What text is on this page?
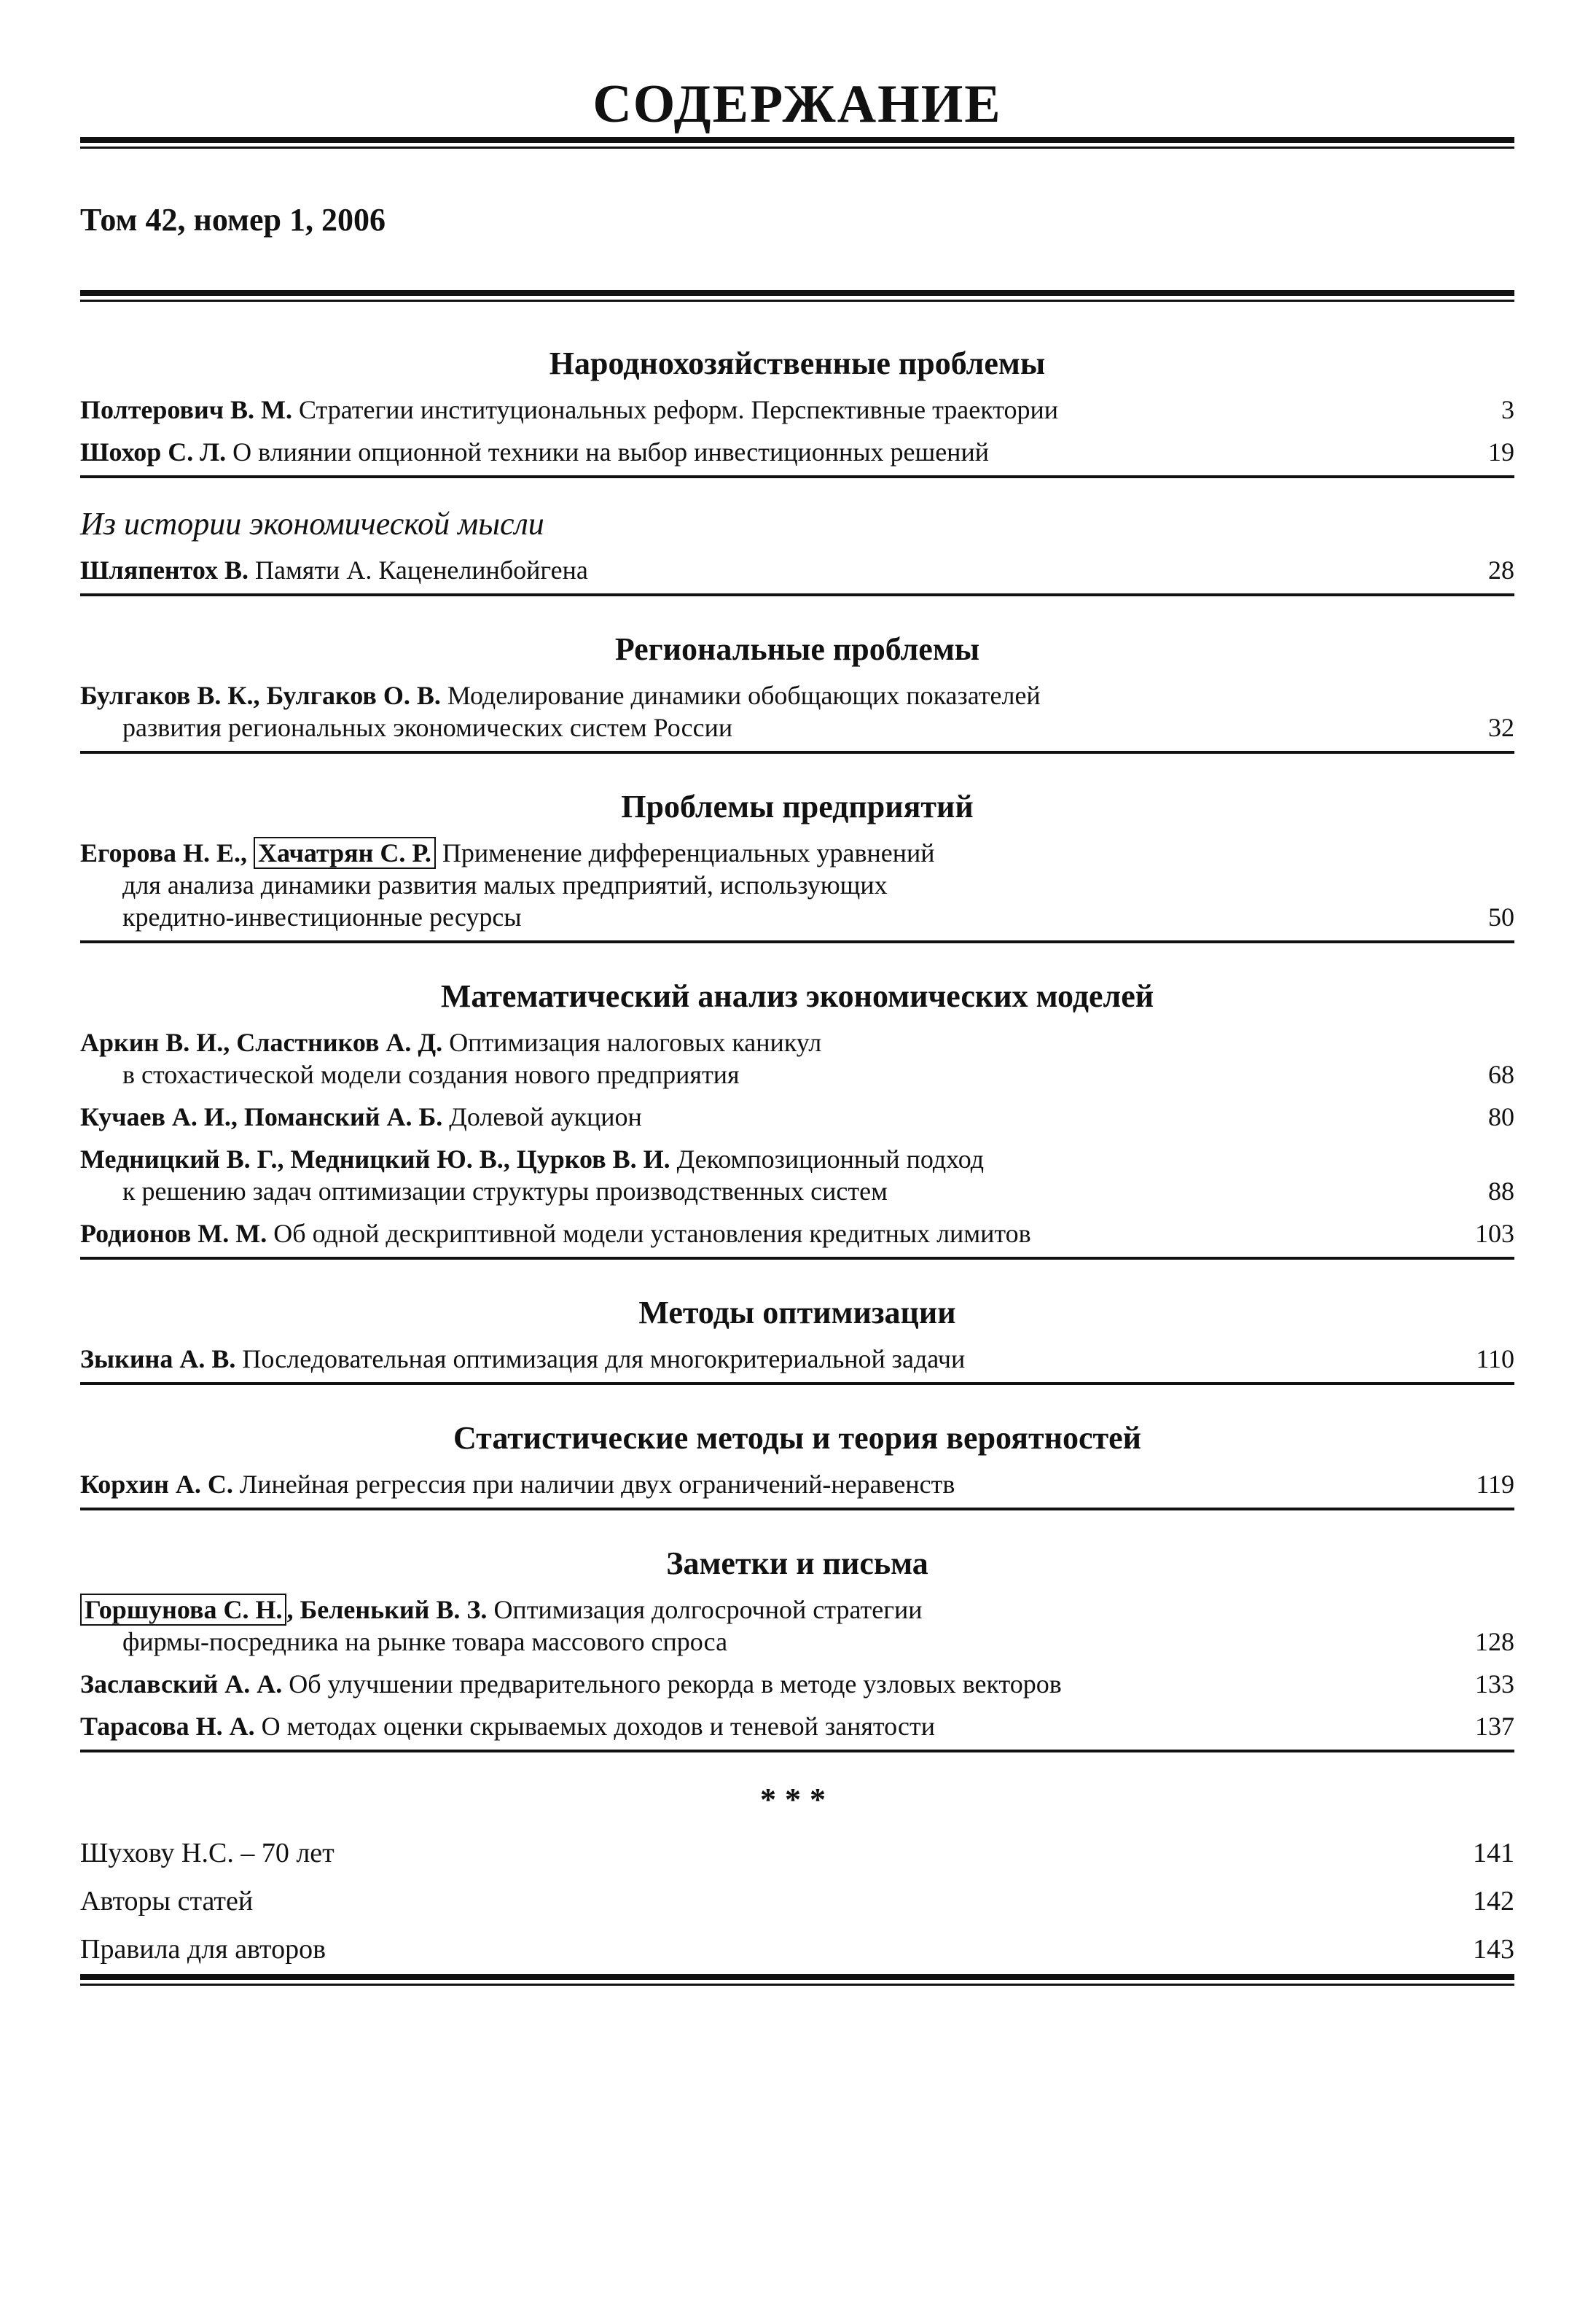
СОДЕРЖАНИЕ
Том 42, номер 1, 2006
Народнохозяйственные проблемы
Полтерович В. М. Стратегии институциональных реформ. Перспективные траектории	3
Шохор С. Л. О влиянии опционной техники на выбор инвестиционных решений	19
Из истории экономической мысли
Шляпентох В. Памяти А. Каценелинбойгена	28
Региональные проблемы
Булгаков В. К., Булгаков О. В. Моделирование динамики обобщающих показателей
развития региональных экономических систем России	32
Проблемы предприятий
Егорова Н. Е., Хачатрян С. Р. Применение дифференциальных уравнений
для анализа динамики развития малых предприятий, использующих
кредитно-инвестиционные ресурсы	50
Математический анализ экономических моделей
Аркин В. И., Сластников А. Д. Оптимизация налоговых каникул
в стохастической модели создания нового предприятия	68
Кучаев А. И., Поманский А. Б. Долевой аукцион	80
Медницкий В. Г., Медницкий Ю. В., Цурков В. И. Декомпозиционный подход
к решению задач оптимизации структуры производственных систем	88
Родионов М. М. Об одной дескриптивной модели установления кредитных лимитов	103
Методы оптимизации
Зыкина А. В. Последовательная оптимизация для многокритериальной задачи	110
Статистические методы и теория вероятностей
Корхин А. С. Линейная регрессия при наличии двух ограничений-неравенств	119
Заметки и письма
Горшунова С. Н. , Беленький В. З. Оптимизация долгосрочной стратегии
фирмы-посредника на рынке товара массового спроса	128
Заславский А. А. Об улучшении предварительного рекорда в методе узловых векторов	133
Тарасова Н. А. О методах оценки скрываемых доходов и теневой занятости	137
***
Шухову Н.С. – 70 лет	141
Авторы статей	142
Правила для авторов	143
